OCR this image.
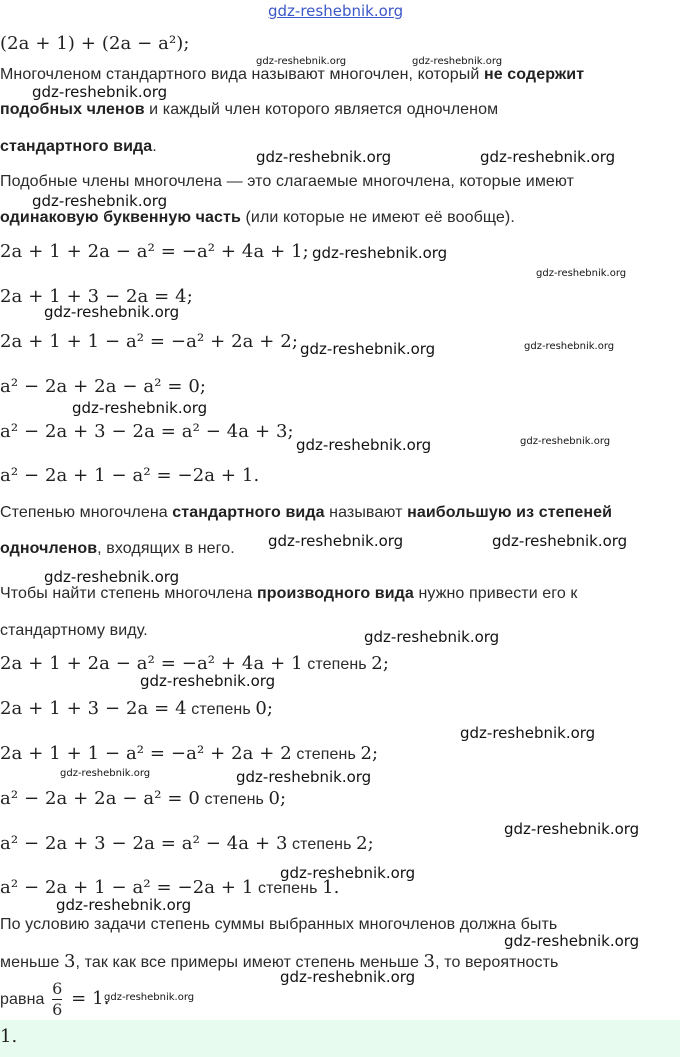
gdz-reshebnik.org
(2a + 1) + (2a − a²);
Многочленом стандартного вида называют многочлен, который не содержит
подобных членов и каждый член которого является одночленом
стандартного вида.
Подобные члены многочлена — это слагаемые многочлена, которые имеют
одинаковую буквенную часть (или которые не имеют её вообще).
2a + 1 + 2a − a² = −a² + 4a + 1;
2a + 1 + 3 − 2a = 4;
2a + 1 + 1 − a² = −a² + 2a + 2;
a² − 2a + 2a − a² = 0;
a² − 2a + 3 − 2a = a² − 4a + 3;
a² − 2a + 1 − a² = −2a + 1.
Степенью многочлена стандартного вида называют наибольшую из степеней
одночленов, входящих в него.
Чтобы найти степень многочлена производного вида нужно привести его к
стандартному виду.
2a + 1 + 2a − a² = −a² + 4a + 1 степень 2;
2a + 1 + 3 − 2a = 4 степень 0;
2a + 1 + 1 − a² = −a² + 2a + 2 степень 2;
a² − 2a + 2a − a² = 0 степень 0;
a² − 2a + 3 − 2a = a² − 4a + 3 степень 2;
a² − 2a + 1 − a² = −2a + 1 степень 1.
По условию задачи степень суммы выбранных многочленов должна быть
меньше 3, так как все примеры имеют степень меньше 3, то вероятность
равна $\frac{6}{6} = 1$.
1.
gdz-reshebnik.org	gdz-reshebnik.org
gdz-reshebnik.org
gdz-reshebnik.org	gdz-reshebnik.org
gdz-reshebnik.org
gdz-reshebnik.org
gdz-reshebnik.org
gdz-reshebnik.org
gdz-reshebnik.org	gdz-reshebnik.org
gdz-reshebnik.org
gdz-reshebnik.org	gdz-reshebnik.org
gdz-reshebnik.org	gdz-reshebnik.org
gdz-reshebnik.org
gdz-reshebnik.org
gdz-reshebnik.org
gdz-reshebnik.org
gdz-reshebnik.org	gdz-reshebnik.org
gdz-reshebnik.org
gdz-reshebnik.org
gdz-reshebnik.org
gdz-reshebnik.org
gdz-reshebnik.org
gdz-reshebnik.org
